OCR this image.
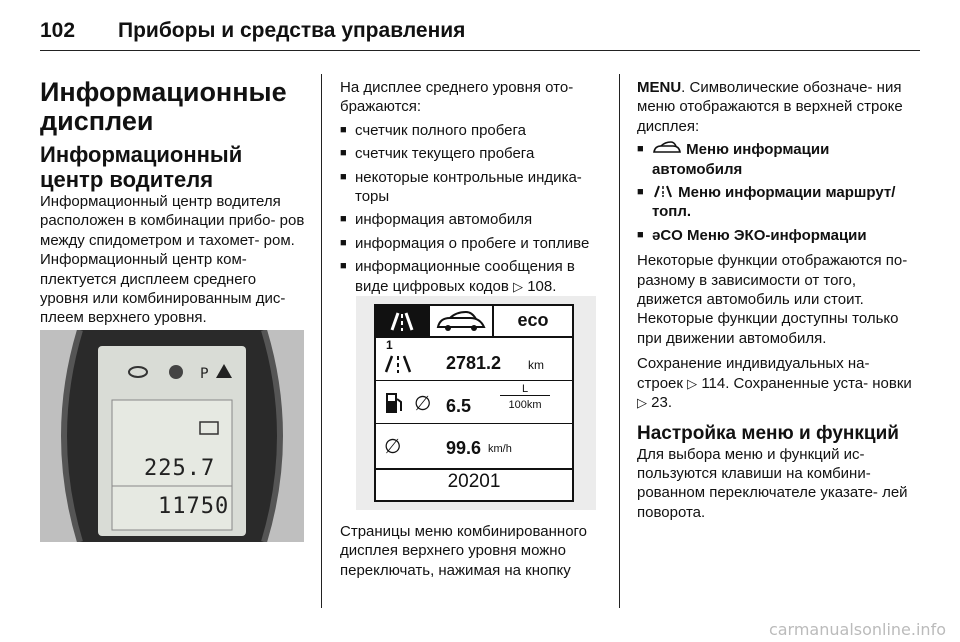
102 Приборы и средства управления
Информационные дисплеи
Информационный центр водителя

Информационный центр водителя расположен в комбинации прибо- ров между спидометром и тахомет- ром. Информационный центр ком- плектуется дисплеем среднего уровня или комбинированным дис- плеем верхнего уровня.

P
225.7
11750

На дисплее среднего уровня ото- бражаются:

■ счетчик полного пробега
■ счетчик текущего пробега
■ некоторые контрольные индика- торы
■ информация автомобиля
■ информация о пробеге и топливе
■ информационные сообщения в виде цифровых кодов ▷ 108.
eco
1
2781.2 km
∅ 6.5
L
100km
∅ 99.6 km/h
20201

Страницы меню комбинированного дисплея верхнего уровня можно переключать, нажимая на кнопку

MENU. Символические обозначе- ния меню отображаются в верхней строке дисплея:

■ Меню информации автомобиля
■ Меню информации маршрут/ топл.
■ əCO Меню ЭКО-информации

Некоторые функции отображаются по-разному в зависимости от того, движется автомобиль или стоит. Некоторые функции доступны только при движении автомобиля.

Сохранение индивидуальных на- строек ▷ 114. Сохраненные уста- новки ▷ 23.

Настройка меню и функций

Для выбора меню и функций ис- пользуются клавиши на комбини- рованном переключателе указате- лей поворота.

carmanualsonline.info
